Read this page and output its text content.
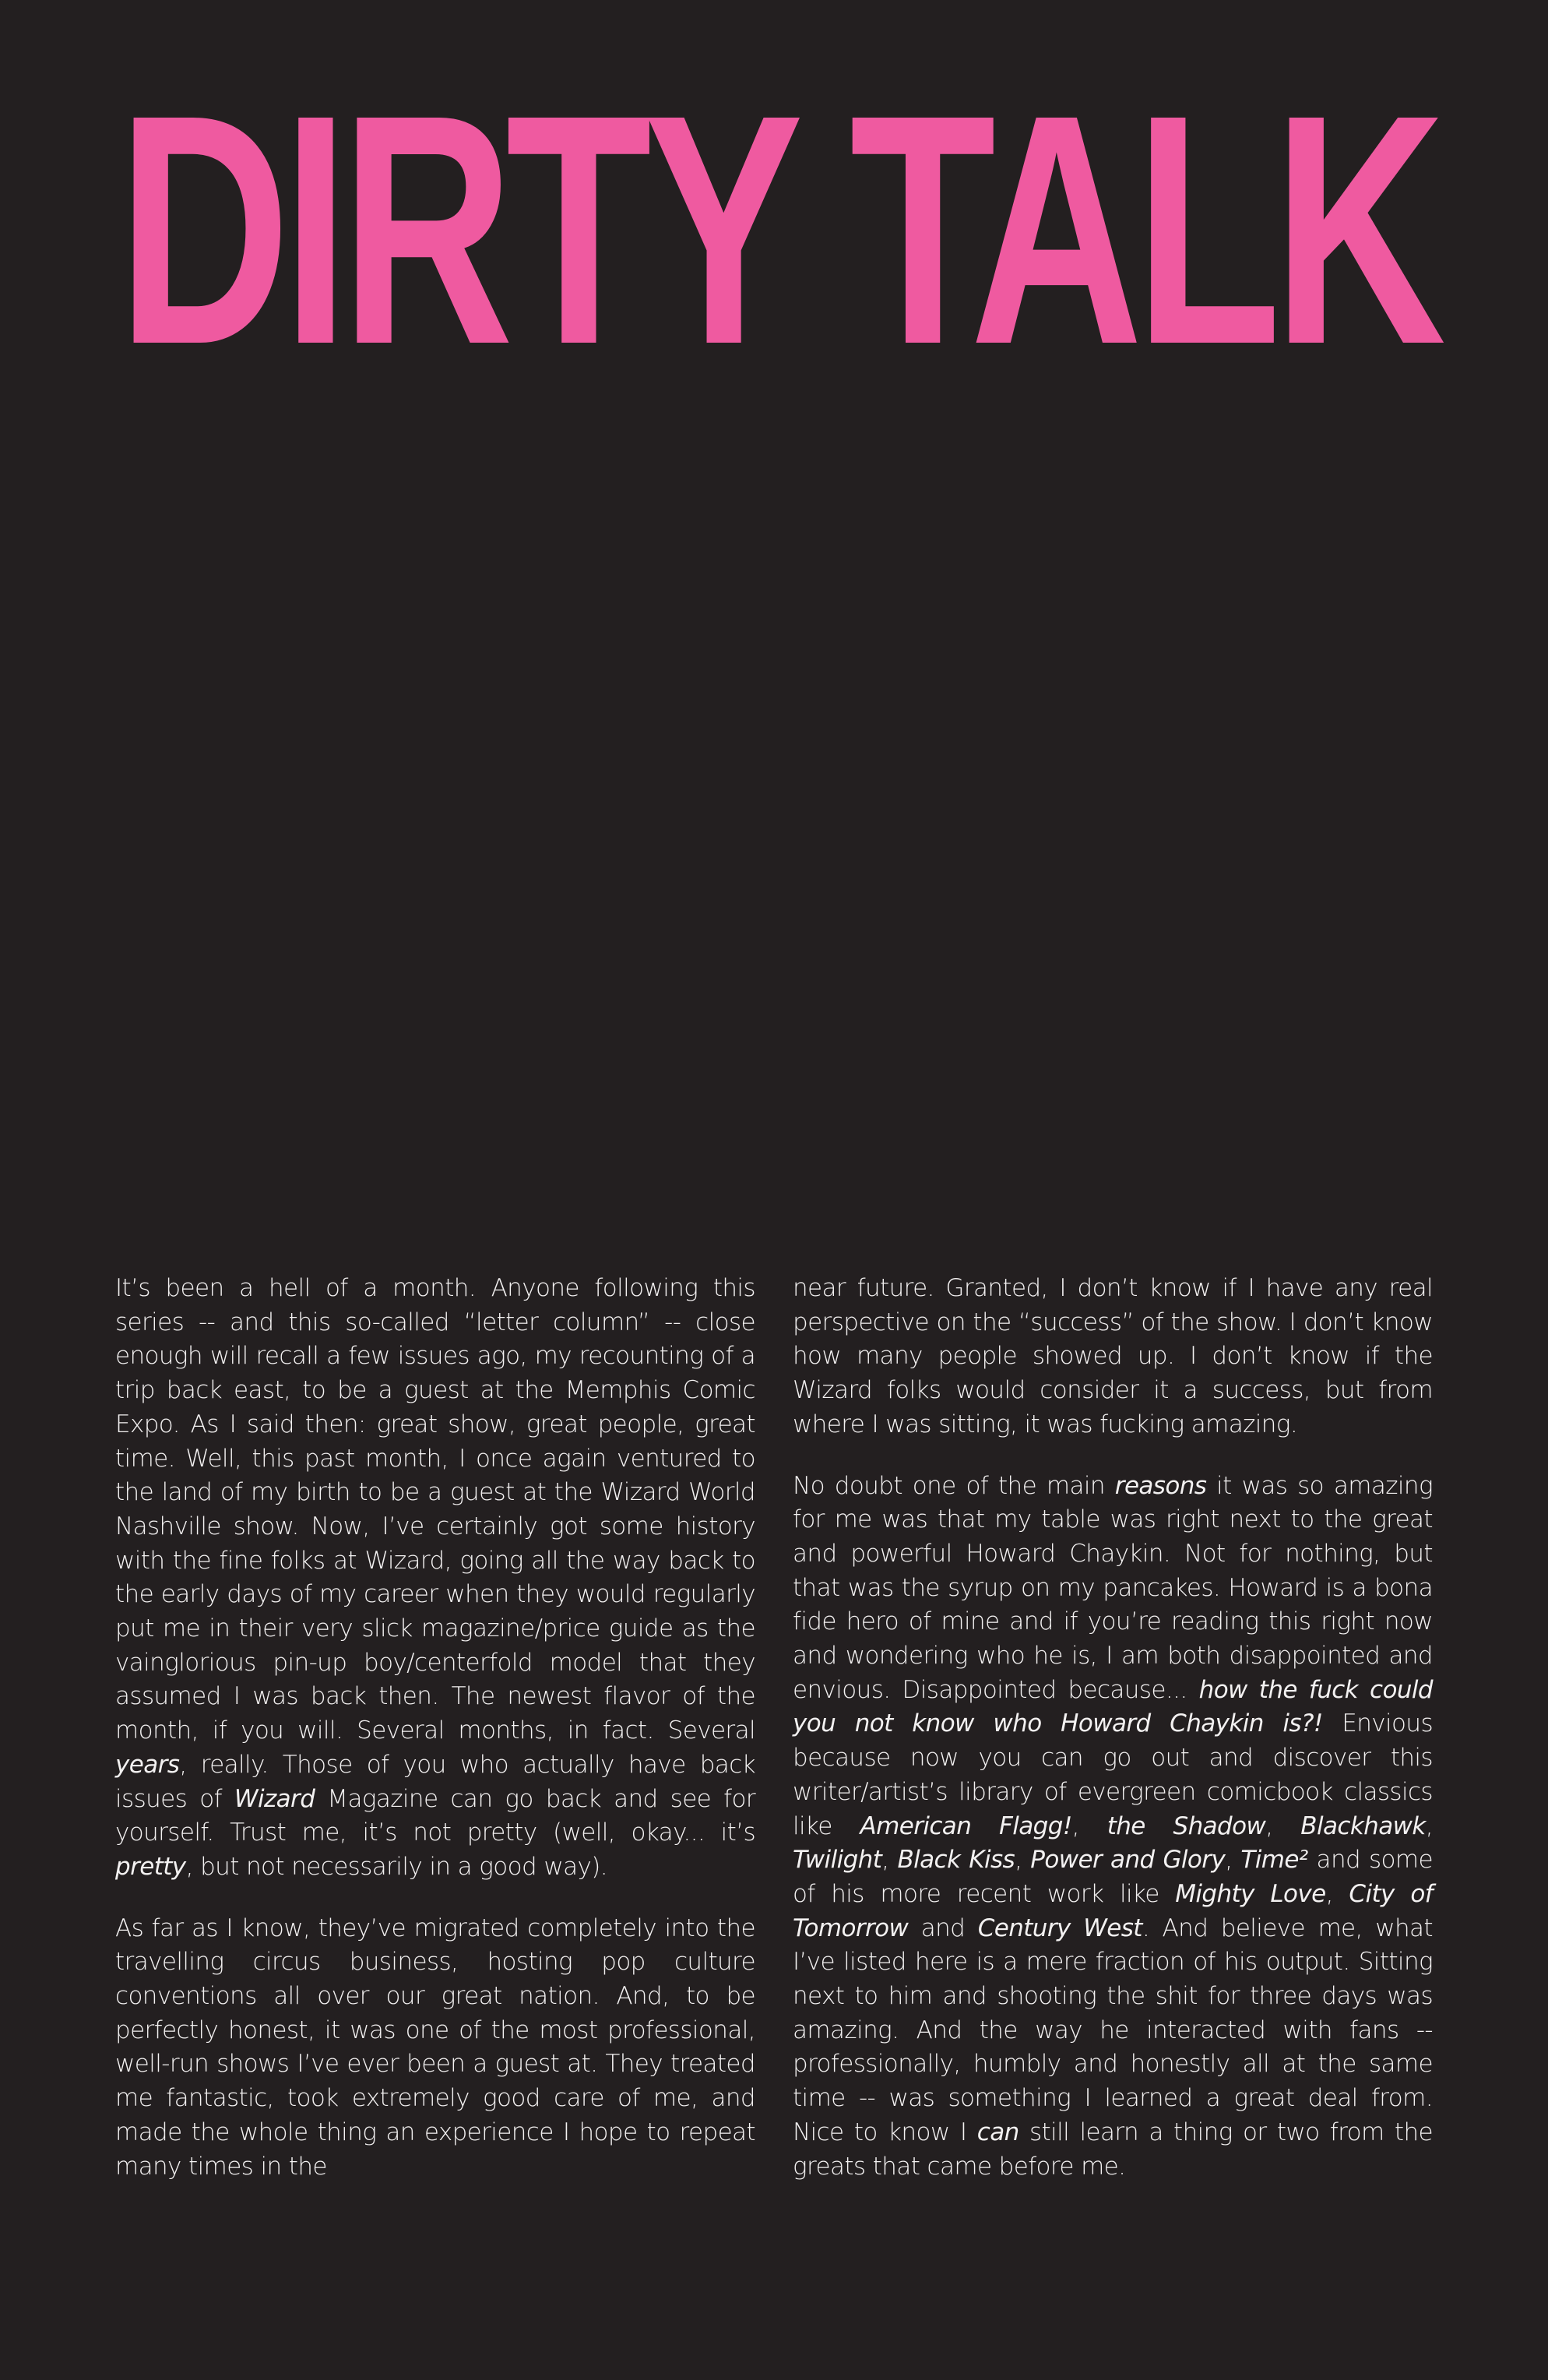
DIRTY TALK

It’s been a hell of a month. Anyone following this series -- and this so-called “letter column” -- close enough will recall a few issues ago, my recounting of a trip back east, to be a guest at the Memphis Comic Expo. As I said then: great show, great people, great time. Well, this past month, I once again ventured to the land of my birth to be a guest at the Wizard World Nashville show. Now, I’ve certainly got some history with the fine folks at Wizard, going all the way back to the early days of my career when they would regularly put me in their very slick magazine/price guide as the vainglorious pin-up boy/centerfold model that they assumed I was back then. The newest flavor of the month, if you will. Several months, in fact. Several years, really. Those of you who actually have back issues of Wizard Magazine can go back and see for yourself. Trust me, it’s not pretty (well, okay... it’s pretty, but not necessarily in a good way).

As far as I know, they’ve migrated completely into the travelling circus business, hosting pop culture conventions all over our great nation. And, to be perfectly honest, it was one of the most professional, well-run shows I’ve ever been a guest at. They treated me fantastic, took extremely good care of me, and made the whole thing an experience I hope to repeat many times in the

near future. Granted, I don’t know if I have any real perspective on the “success” of the show. I don’t know how many people showed up. I don’t know if the Wizard folks would consider it a success, but from where I was sitting, it was fucking amazing.

No doubt one of the main reasons it was so amazing for me was that my table was right next to the great and powerful Howard Chaykin. Not for nothing, but that was the syrup on my pancakes. Howard is a bona fide hero of mine and if you’re reading this right now and wondering who he is, I am both disappointed and envious. Disappointed because... how the fuck could you not know who Howard Chaykin is?! Envious because now you can go out and discover this writer/artist’s library of evergreen comicbook classics like American Flagg!, the Shadow, Blackhawk, Twilight, Black Kiss, Power and Glory, Time² and some of his more recent work like Mighty Love, City of Tomorrow and Century West. And believe me, what I’ve listed here is a mere fraction of his output. Sitting next to him and shooting the shit for three days was amazing. And the way he interacted with fans -- professionally, humbly and honestly all at the same time -- was something I learned a great deal from. Nice to know I can still learn a thing or two from the greats that came before me.
